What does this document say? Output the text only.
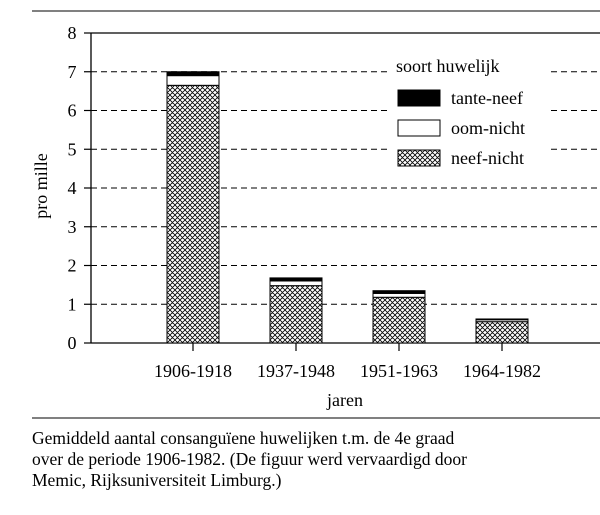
0
1
2
3
4
5
6
7
8
1906-1918 1937-1948 1951-1963 1964-1982
soort huwelijk
tante-neef
oom-nicht
neef-nicht
pro mille
jaren
Gemiddeld aantal consanguïene huwelijken t.m. de 4e graad
over de periode 1906-1982. (De figuur werd vervaardigd door
Memic, Rijksuniversiteit Limburg.)
